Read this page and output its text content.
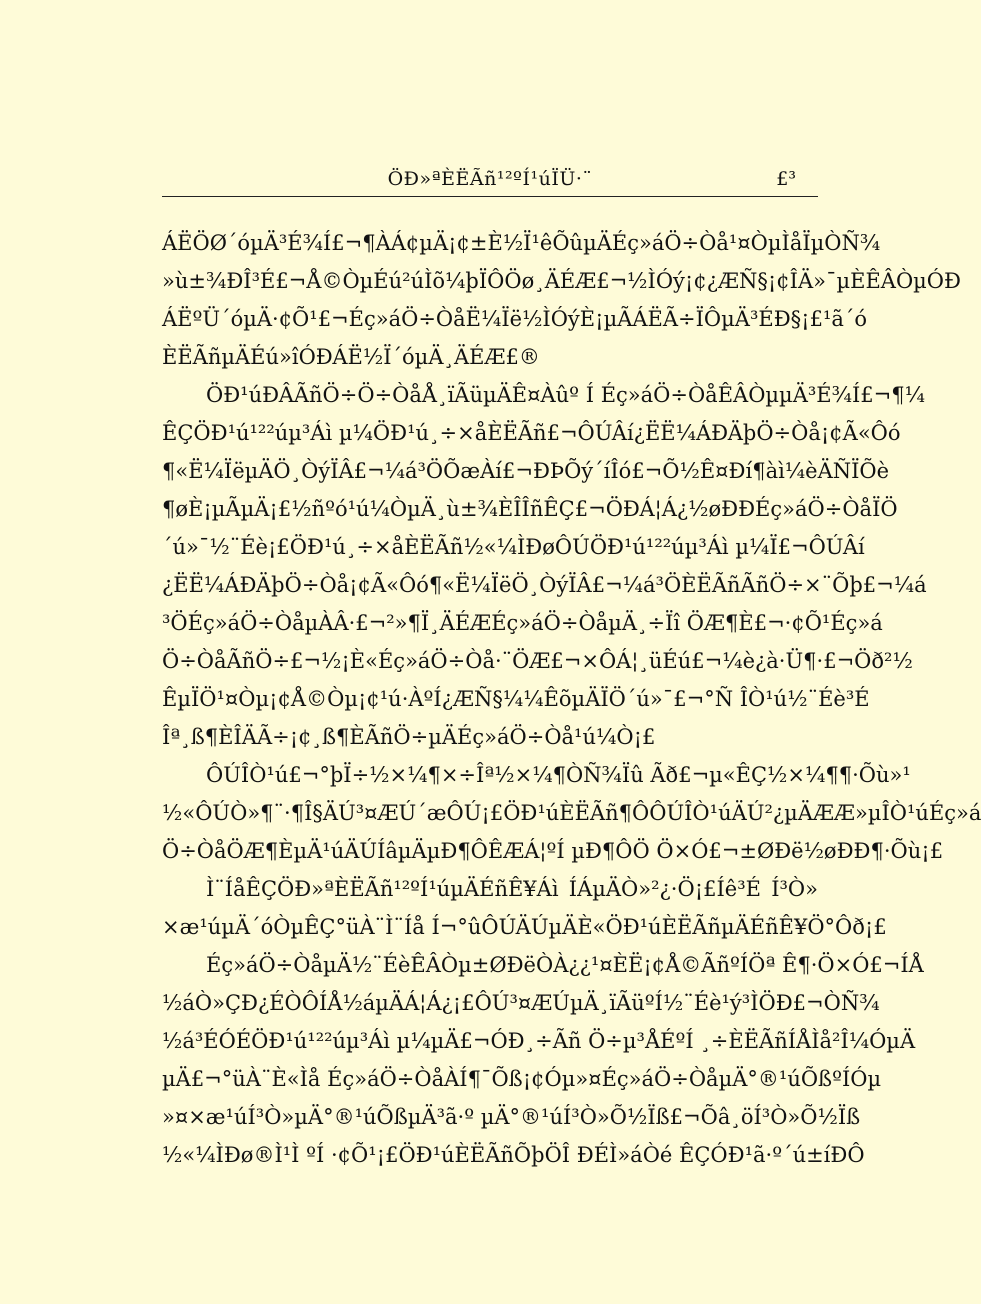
ÖÐ»ªÈËÃñ¹²ºÍ¹úÏÜ·¨	£³
ÁËÖØ´óµÄ³É¾Í£¬¶ÀÁ¢µÄ¡¢±È½Ï¹êÕûµÄÉç»áÖ÷Òå¹¤ÒµÌåÏµÒÑ¾
»ù±¾ÐÎ³É£¬Å©ÒµÉú²úÌõ¼þÏÔÖø¸ÄÉÆ£¬½ÌÓý¡¢¿ÆÑ§¡¢ÎÄ»¯µÈÊÂÒµÓÐ
ÁËºÜ´óµÄ·¢Õ¹£¬Éç»áÖ÷ÒåË¼Ïë½ÌÓýÈ¡µÃÁËÃ÷ÏÔµÄ³ÉÐ§¡£¹ã´ó
ÈËÃñµÄÉú»îÓÐÁË½Ï´óµÄ¸ÄÉÆ£®
ÖÐ¹úÐÂÃñÖ÷Ö÷ÒåÅ¸ïÃüµÄÊ¤Àûº Í Éç»áÖ÷ÒåÊÂÒµµÄ³É¾Í£¬¶¼
ÊÇÖÐ¹ú¹²²úµ³Áì µ¼ÖÐ¹ú¸÷×åÈËÃñ£¬ÔÚÂí¿ËË¼ÁÐÄþÖ÷Òå¡¢Ã«Ôó
¶«Ë¼ÏëµÄÖ¸ÒýÏÂ£¬¼á³ÖÕæÀí£¬ÐÞÕý´íÎó£¬Õ½Ê¤Ðí¶àì¼èÄÑÏÕè
¶øÈ¡µÃµÄ¡£½ñºó¹ú¼ÒµÄ¸ù±¾ÈÎÎñÊÇ£¬ÖÐÁ¦Á¿½øÐÐÉç»áÖ÷ÒåÏÖ
´ú»¯½¨Éè¡£ÖÐ¹ú¸÷×åÈËÃñ½«¼ÌÐøÔÚÖÐ¹ú¹²²úµ³Áì µ¼Ï£¬ÔÚÂí
¿ËË¼ÁÐÄþÖ÷Òå¡¢Ã«Ôó¶«Ë¼ÏëÖ¸ÒýÏÂ£¬¼á³ÖÈËÃñÃñÖ÷×¨Õþ£¬¼á
³ÖÉç»áÖ÷ÒåµÀÂ·£¬²»¶Ï¸ÄÉÆÉç»áÖ÷ÒåµÄ¸÷Ïî ÖÆ¶È£¬·¢Õ¹Éç»á
Ö÷ÒåÃñÖ÷£¬½¡È«Éç»áÖ÷Òå·¨ÖÆ£¬×ÔÁ¦¸üÉú£¬¼è¿à·Ü¶·£¬Öð²½
ÊµÏÖ¹¤Òµ¡¢Å©Òµ¡¢¹ú·ÀºÍ¿ÆÑ§¼¼ÊõµÄÏÖ´ú»¯£¬°Ñ ÎÒ¹ú½¨Éè³É
Îª¸ß¶ÈÎÄÃ÷¡¢¸ß¶ÈÃñÖ÷µÄÉç»áÖ÷Òå¹ú¼Ò¡£
ÔÚÎÒ¹ú£¬°þÏ÷½×¼¶×÷Îª½×¼¶ÒÑ¾Ïû Ãð£¬µ«ÊÇ½×¼¶¶·Õù»¹
½«ÔÚÒ»¶¨·¶Î§ÄÚ³¤ÆÚ´æÔÚ¡£ÖÐ¹úÈËÃñ¶ÔÔÚÎÒ¹úÄÚ²¿µÄÆÆ»µÎÒ¹úÉç»á
Ö÷ÒåÖÆ¶ÈµÄ¹úÄÚÍâµÄµÐ¶ÔÊÆÁ¦ºÍ µÐ¶ÔÖ Ö×Ó£¬±ØÐë½øÐÐ¶·Õù¡£
Ì¨ÍåÊÇÖÐ»ªÈËÃñ¹²ºÍ¹úµÄÉñÊ¥Áì ÍÁµÄÒ»²¿·Ö¡£Íê³É Í³Ò»
×æ¹úµÄ´óÒµÊÇ°üÀ¨Ì¨Íå Í¬°ûÔÚÄÚµÄÈ«ÖÐ¹úÈËÃñµÄÉñÊ¥Ö°Ôð¡£
Éç»áÖ÷ÒåµÄ½¨ÉèÊÂÒµ±ØÐëÒÀ¿¿¹¤ÈË¡¢Å©ÃñºÍÖª Ê¶·Ö×Ó£¬ÍÅ
½áÒ»ÇÐ¿ÉÒÔÍÅ½áµÄÁ¦Á¿¡£ÔÚ³¤ÆÚµÄ¸ïÃüºÍ½¨Éè¹ý³ÌÖÐ£¬ÒÑ¾
½á³ÉÓÉÖÐ¹ú¹²²úµ³Áì µ¼µÄ£¬ÓÐ¸÷Ãñ Ö÷µ³ÅÉºÍ ¸÷ÈËÃñÍÅÌå²Î¼ÓµÄ
µÄ£¬°üÀ¨È«Ìå Éç»áÖ÷ÒåÀÍ¶¯Õß¡¢Óµ»¤Éç»áÖ÷ÒåµÄ°®¹úÕßºÍÓµ
»¤×æ¹úÍ³Ò»µÄ°®¹úÕßµÄ³ã·º µÄ°®¹úÍ³Ò»Õ½Ïß£¬Õâ¸öÍ³Ò»Õ½Ïß
½«¼ÌÐø®Ì¹Ì ºÍ ·¢Õ¹¡£ÖÐ¹úÈËÃñÕþÖÎ ÐÉÌ»áÒé ÊÇÓÐ¹ã·º´ú±íÐÔ
